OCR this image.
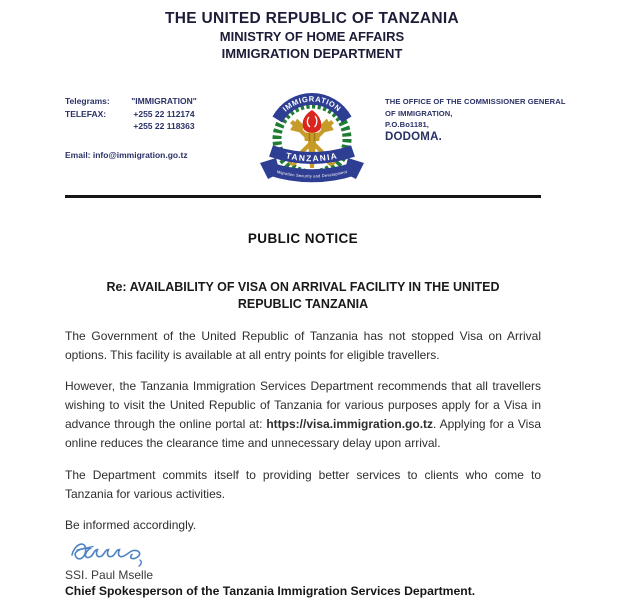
THE UNITED REPUBLIC OF TANZANIA
MINISTRY OF HOME AFFAIRS
IMMIGRATION DEPARTMENT
Telegrams:	"IMMIGRATION"
TELEFAX:	+255 22 112174
+255 22 118363
Email: info@immigration.go.tz
IMMIGRATION
TANZANIA
Migration Security and Development
THE OFFICE OF THE COMMISSIONER GENERAL
OF IMMIGRATION,
P.O.Bo1181,
DODOMA.
PUBLIC NOTICE
Re: AVAILABILITY OF VISA ON ARRIVAL FACILITY IN THE UNITED
REPUBLIC TANZANIA

The Government of the United Republic of Tanzania has not stopped Visa on Arrival options. This facility is available at all entry points for eligible travellers.

However, the Tanzania Immigration Services Department recommends that all travellers wishing to visit the United Republic of Tanzania for various purposes apply for a Visa in advance through the online portal at: https://visa.immigration.go.tz. Applying for a Visa online reduces the clearance time and unnecessary delay upon arrival.

The Department commits itself to providing better services to clients who come to Tanzania for various activities.

Be informed accordingly.
SSI. Paul Mselle
Chief Spokesperson of the Tanzania Immigration Services Department.
